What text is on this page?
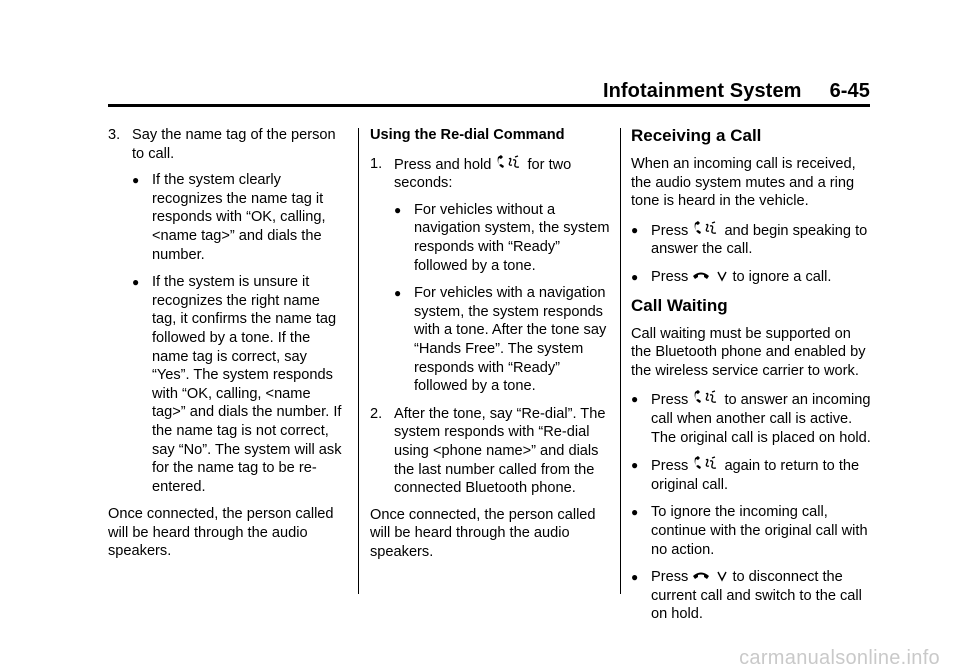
Infotainment System 6-45
3. Say the name tag of the person to call.
● If the system clearly recognizes the name tag it responds with “OK, calling, <name tag>” and dials the number.
● If the system is unsure it recognizes the right name tag, it confirms the name tag followed by a tone. If the name tag is correct, say “Yes”. The system responds with “OK, calling, <name tag>” and dials the number. If the name tag is not correct, say “No”. The system will ask for the name tag to be re-entered.

Once connected, the person called will be heard through the audio speakers.

Using the Re-dial Command

1. Press and hold for two seconds:
● For vehicles without a navigation system, the system responds with “Ready” followed by a tone.
● For vehicles with a navigation system, the system responds with a tone. After the tone say “Hands Free”. The system responds with “Ready” followed by a tone.
2. After the tone, say “Re-dial”. The system responds with “Re-dial using <phone name>” and dials the last number called from the connected Bluetooth phone.

Once connected, the person called will be heard through the audio speakers.

Receiving a Call

When an incoming call is received, the audio system mutes and a ring tone is heard in the vehicle.

● Press and begin speaking to answer the call.
● Press	to ignore a call.

Call Waiting

Call waiting must be supported on the Bluetooth phone and enabled by the wireless service carrier to work.

● Press to answer an incoming call when another call is active. The original call is placed on hold.
● Press again to return to the original call.
● To ignore the incoming call, continue with the original call with no action.
● Press	to disconnect the current call and switch to the call on hold.
carmanualsonline.info
